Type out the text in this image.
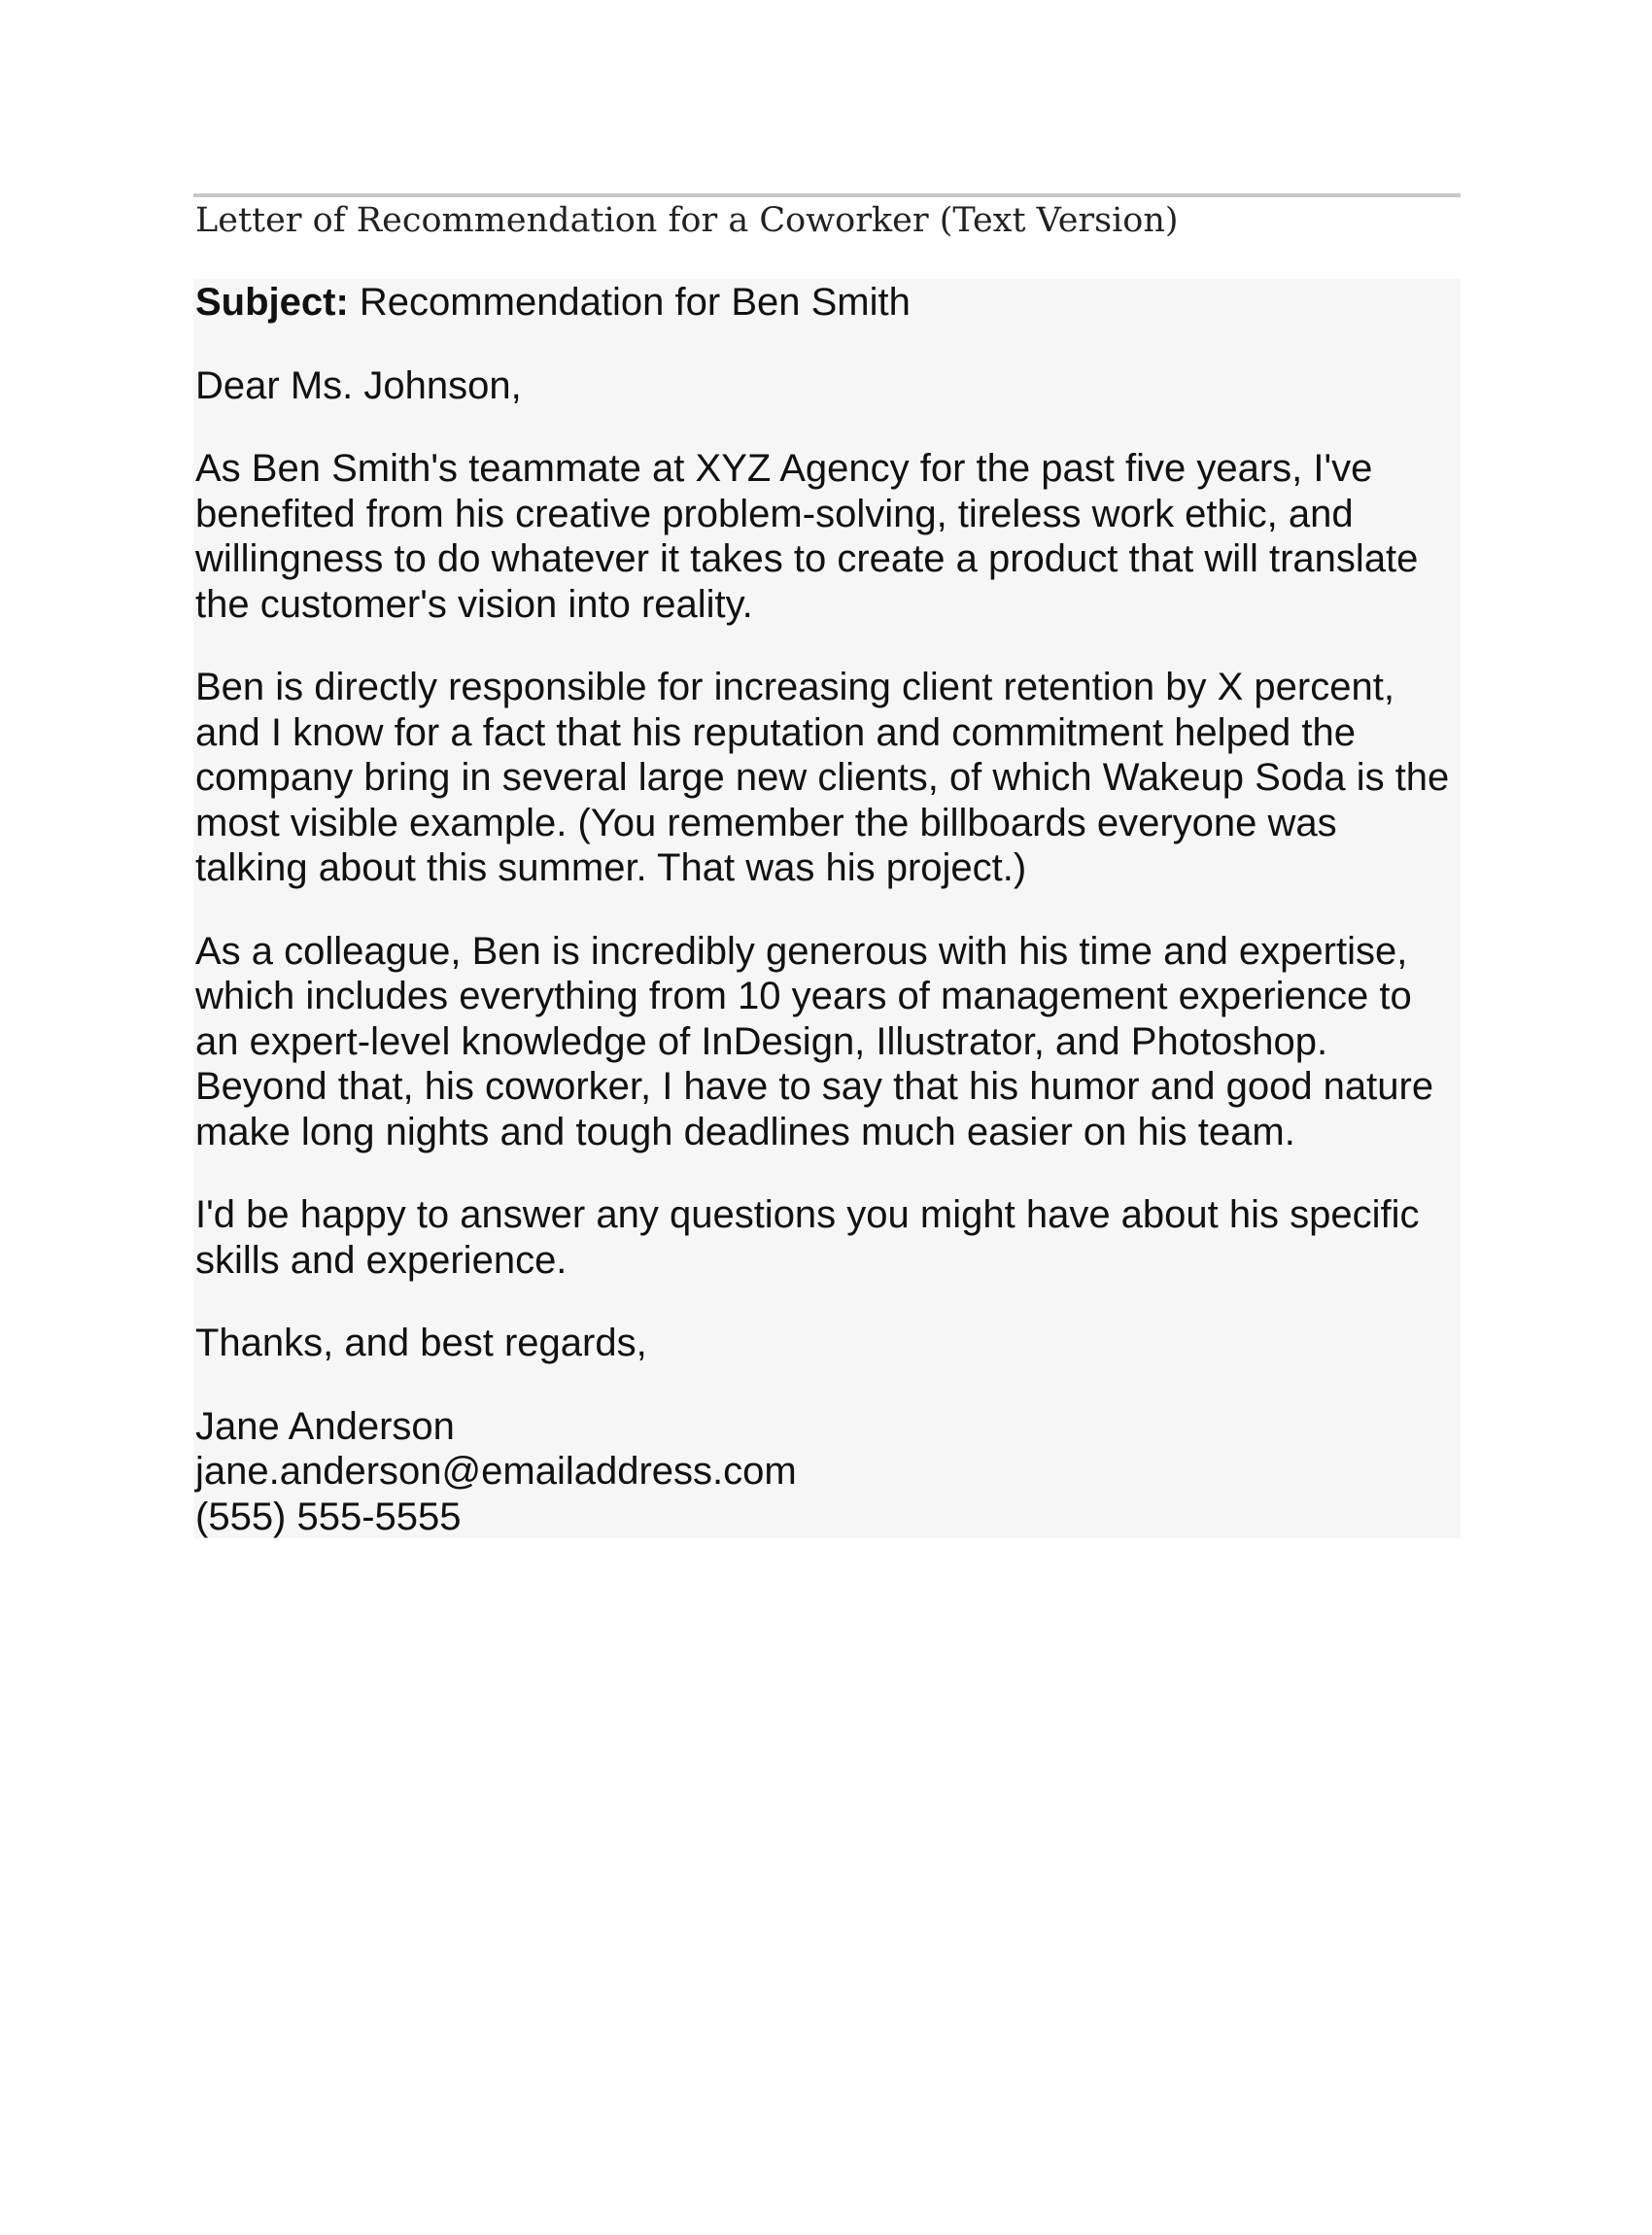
Letter of Recommendation for a Coworker (Text Version)

Subject: Recommendation for Ben Smith

Dear Ms. Johnson,

As Ben Smith's teammate at XYZ Agency for the past five years, I've benefited from his creative problem-solving, tireless work ethic, and willingness to do whatever it takes to create a product that will translate the customer's vision into reality.

Ben is directly responsible for increasing client retention by X percent, and I know for a fact that his reputation and commitment helped the company bring in several large new clients, of which Wakeup Soda is the most visible example. (You remember the billboards everyone was talking about this summer. That was his project.)

As a colleague, Ben is incredibly generous with his time and expertise, which includes everything from 10 years of management experience to an expert-level knowledge of InDesign, Illustrator, and Photoshop. Beyond that, his coworker, I have to say that his humor and good nature make long nights and tough deadlines much easier on his team.

I'd be happy to answer any questions you might have about his specific skills and experience.

Thanks, and best regards,

Jane Anderson
jane.anderson@emailaddress.com
(555) 555-5555
